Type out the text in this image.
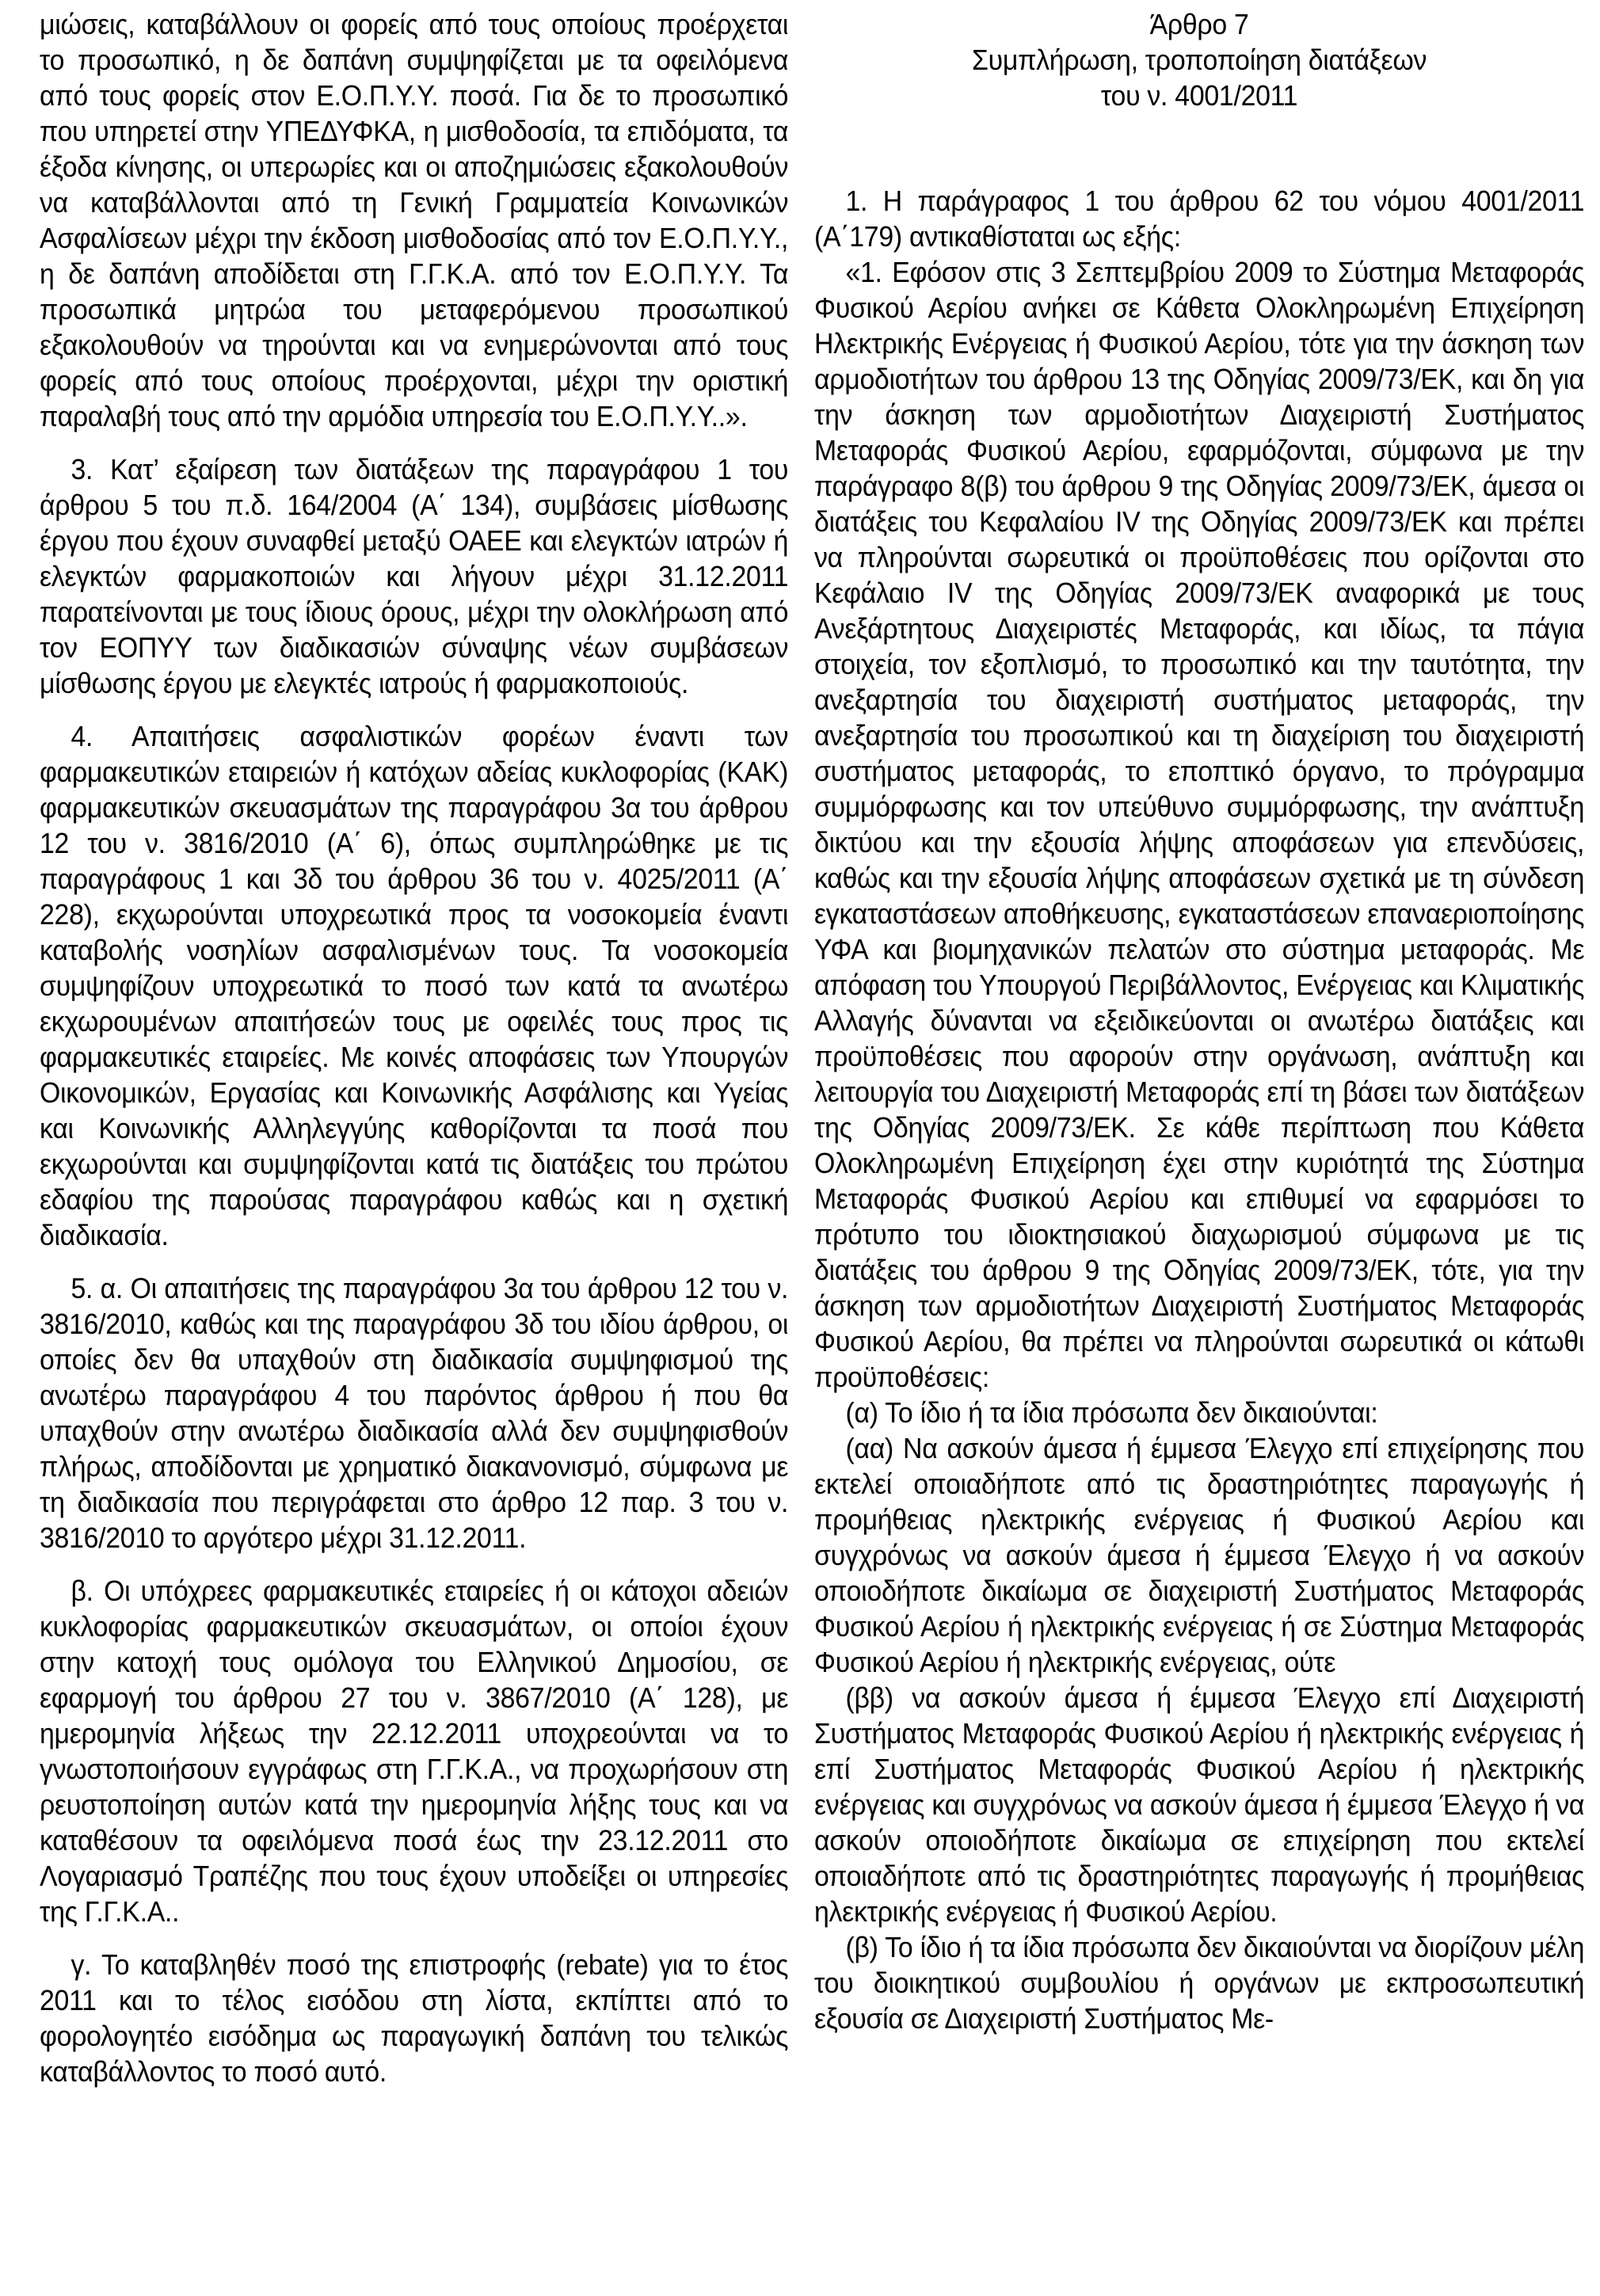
μιώσεις, καταβάλλουν οι φορείς από τους οποίους προέρχεται το προσωπικό, η δε δαπάνη συμψηφίζεται με τα οφειλόμενα από τους φορείς στον Ε.Ο.Π.Υ.Υ. ποσά. Για δε το προσωπικό που υπηρετεί στην ΥΠΕΔΥΦΚΑ, η μισθοδοσία, τα επιδόματα, τα έξοδα κίνησης, οι υπερωρίες και οι αποζημιώσεις εξακολουθούν να καταβάλλονται από τη Γενική Γραμματεία Κοινωνικών Ασφαλίσεων μέχρι την έκδοση μισθοδοσίας από τον Ε.Ο.Π.Υ.Υ., η δε δαπάνη αποδίδεται στη Γ.Γ.Κ.Α. από τον Ε.Ο.Π.Υ.Υ. Τα προσωπικά μητρώα του μεταφερόμενου προσωπικού εξακολουθούν να τηρούνται και να ενημερώνονται από τους φορείς από τους οποίους προέρχονται, μέχρι την οριστική παραλαβή τους από την αρμόδια υπηρεσία του Ε.Ο.Π.Υ.Υ..».

3. Κατ’ εξαίρεση των διατάξεων της παραγράφου 1 του άρθρου 5 του π.δ. 164/2004 (Α΄ 134), συμβάσεις μίσθωσης έργου που έχουν συναφθεί μεταξύ ΟΑΕΕ και ελεγκτών ιατρών ή ελεγκτών φαρμακοποιών και λήγουν μέχρι 31.12.2011 παρατείνονται με τους ίδιους όρους, μέχρι την ολοκλήρωση από τον ΕΟΠΥΥ των διαδικασιών σύναψης νέων συμβάσεων μίσθωσης έργου με ελεγκτές ιατρούς ή φαρμακοποιούς.

4. Απαιτήσεις ασφαλιστικών φορέων έναντι των φαρμακευτικών εταιρειών ή κατόχων αδείας κυκλοφορίας (ΚΑΚ) φαρμακευτικών σκευασμάτων της παραγράφου 3α του άρθρου 12 του ν. 3816/2010 (Α΄ 6), όπως συμπληρώθηκε με τις παραγράφους 1 και 3δ του άρθρου 36 του ν. 4025/2011 (Α΄ 228), εκχωρούνται υποχρεωτικά προς τα νοσοκομεία έναντι καταβολής νοσηλίων ασφαλισμένων τους. Τα νοσοκομεία συμψηφίζουν υποχρεωτικά το ποσό των κατά τα ανωτέρω εκχωρουμένων απαιτήσεών τους με οφειλές τους προς τις φαρμακευτικές εταιρείες. Με κοινές αποφάσεις των Υπουργών Οικονομικών, Εργασίας και Κοινωνικής Ασφάλισης και Υγείας και Κοινωνικής Αλληλεγγύης καθορίζονται τα ποσά που εκχωρούνται και συμψηφίζονται κατά τις διατάξεις του πρώτου εδαφίου της παρούσας παραγράφου καθώς και η σχετική διαδικασία.

5. α. Οι απαιτήσεις της παραγράφου 3α του άρθρου 12 του ν. 3816/2010, καθώς και της παραγράφου 3δ του ιδίου άρθρου, οι οποίες δεν θα υπαχθούν στη διαδικασία συμψηφισμού της ανωτέρω παραγράφου 4 του παρόντος άρθρου ή που θα υπαχθούν στην ανωτέρω διαδικασία αλλά δεν συμψηφισθούν πλήρως, αποδίδονται με χρηματικό διακανονισμό, σύμφωνα με τη διαδικασία που περιγράφεται στο άρθρο 12 παρ. 3 του ν. 3816/2010 το αργότερο μέχρι 31.12.2011.

β. Οι υπόχρεες φαρμακευτικές εταιρείες ή οι κάτοχοι αδειών κυκλοφορίας φαρμακευτικών σκευασμάτων, οι οποίοι έχουν στην κατοχή τους ομόλογα του Ελληνικού Δημοσίου, σε εφαρμογή του άρθρου 27 του ν. 3867/2010 (Α΄ 128), με ημερομηνία λήξεως την 22.12.2011 υποχρεούνται να το γνωστοποιήσουν εγγράφως στη Γ.Γ.Κ.Α., να προχωρήσουν στη ρευστοποίηση αυτών κατά την ημερομηνία λήξης τους και να καταθέσουν τα οφειλόμενα ποσά έως την 23.12.2011 στο Λογαριασμό Τραπέζης που τους έχουν υποδείξει οι υπηρεσίες της Γ.Γ.Κ.Α..

γ. Το καταβληθέν ποσό της επιστροφής (rebate) για το έτος 2011 και το τέλος εισόδου στη λίστα, εκπίπτει από το φορολογητέο εισόδημα ως παραγωγική δαπάνη του τελικώς καταβάλλοντος το ποσό αυτό.

Άρθρο 7
Συμπλήρωση, τροποποίηση διατάξεων
του ν. 4001/2011

1. Η παράγραφος 1 του άρθρου 62 του νόμου 4001/2011 (Α΄179) αντικαθίσταται ως εξής:

«1. Εφόσον στις 3 Σεπτεμβρίου 2009 το Σύστημα Μεταφοράς Φυσικού Αερίου ανήκει σε Κάθετα Ολοκληρωμένη Επιχείρηση Ηλεκτρικής Ενέργειας ή Φυσικού Αερίου, τότε για την άσκηση των αρμοδιοτήτων του άρθρου 13 της Οδηγίας 2009/73/ΕΚ, και δη για την άσκηση των αρμοδιοτήτων Διαχειριστή Συστήματος Μεταφοράς Φυσικού Αερίου, εφαρμόζονται, σύμφωνα με την παράγραφο 8(β) του άρθρου 9 της Οδηγίας 2009/73/ΕΚ, άμεσα οι διατάξεις του Κεφαλαίου IV της Οδηγίας 2009/73/ΕΚ και πρέπει να πληρούνται σωρευτικά οι προϋποθέσεις που ορίζονται στο Κεφάλαιο IV της Οδηγίας 2009/73/ΕΚ αναφορικά με τους Ανεξάρτητους Διαχειριστές Μεταφοράς, και ιδίως, τα πάγια στοιχεία, τον εξοπλισμό, το προσωπικό και την ταυτότητα, την ανεξαρτησία του διαχειριστή συστήματος μεταφοράς, την ανεξαρτησία του προσωπικού και τη διαχείριση του διαχειριστή συστήματος μεταφοράς, το εποπτικό όργανο, το πρόγραμμα συμμόρφωσης και τον υπεύθυνο συμμόρφωσης, την ανάπτυξη δικτύου και την εξουσία λήψης αποφάσεων για επενδύσεις, καθώς και την εξουσία λήψης αποφάσεων σχετικά με τη σύνδεση εγκαταστάσεων αποθήκευσης, εγκαταστάσεων επαναεριοποίησης ΥΦΑ και βιομηχανικών πελατών στο σύστημα μεταφοράς. Με απόφαση του Υπουργού Περιβάλλοντος, Ενέργειας και Κλιματικής Αλλαγής δύνανται να εξειδικεύονται οι ανωτέρω διατάξεις και προϋποθέσεις που αφορούν στην οργάνωση, ανάπτυξη και λειτουργία του Διαχειριστή Μεταφοράς επί τη βάσει των διατάξεων της Οδηγίας 2009/73/ΕΚ. Σε κάθε περίπτωση που Κάθετα Ολοκληρωμένη Επιχείρηση έχει στην κυριότητά της Σύστημα Μεταφοράς Φυσικού Αερίου και επιθυμεί να εφαρμόσει το πρότυπο του ιδιοκτησιακού διαχωρισμού σύμφωνα με τις διατάξεις του άρθρου 9 της Οδηγίας 2009/73/ΕΚ, τότε, για την άσκηση των αρμοδιοτήτων Διαχειριστή Συστήματος Μεταφοράς Φυσικού Αερίου, θα πρέπει να πληρούνται σωρευτικά οι κάτωθι προϋποθέσεις:

(α) Το ίδιο ή τα ίδια πρόσωπα δεν δικαιούνται:

(αα) Να ασκούν άμεσα ή έμμεσα Έλεγχο επί επιχείρησης που εκτελεί οποιαδήποτε από τις δραστηριότητες παραγωγής ή προμήθειας ηλεκτρικής ενέργειας ή Φυσικού Αερίου και συγχρόνως να ασκούν άμεσα ή έμμεσα Έλεγχο ή να ασκούν οποιοδήποτε δικαίωμα σε διαχειριστή Συστήματος Μεταφοράς Φυσικού Αερίου ή ηλεκτρικής ενέργειας ή σε Σύστημα Μεταφοράς Φυσικού Αερίου ή ηλεκτρικής ενέργειας, ούτε

(ββ) να ασκούν άμεσα ή έμμεσα Έλεγχο επί Διαχειριστή Συστήματος Μεταφοράς Φυσικού Αερίου ή ηλεκτρικής ενέργειας ή επί Συστήματος Μεταφοράς Φυσικού Αερίου ή ηλεκτρικής ενέργειας και συγχρόνως να ασκούν άμεσα ή έμμεσα Έλεγχο ή να ασκούν οποιοδήποτε δικαίωμα σε επιχείρηση που εκτελεί οποιαδήποτε από τις δραστηριότητες παραγωγής ή προμήθειας ηλεκτρικής ενέργειας ή Φυσικού Αερίου.

(β) Το ίδιο ή τα ίδια πρόσωπα δεν δικαιούνται να διορίζουν μέλη του διοικητικού συμβουλίου ή οργάνων με εκπροσωπευτική εξουσία σε Διαχειριστή Συστήματος Με-
